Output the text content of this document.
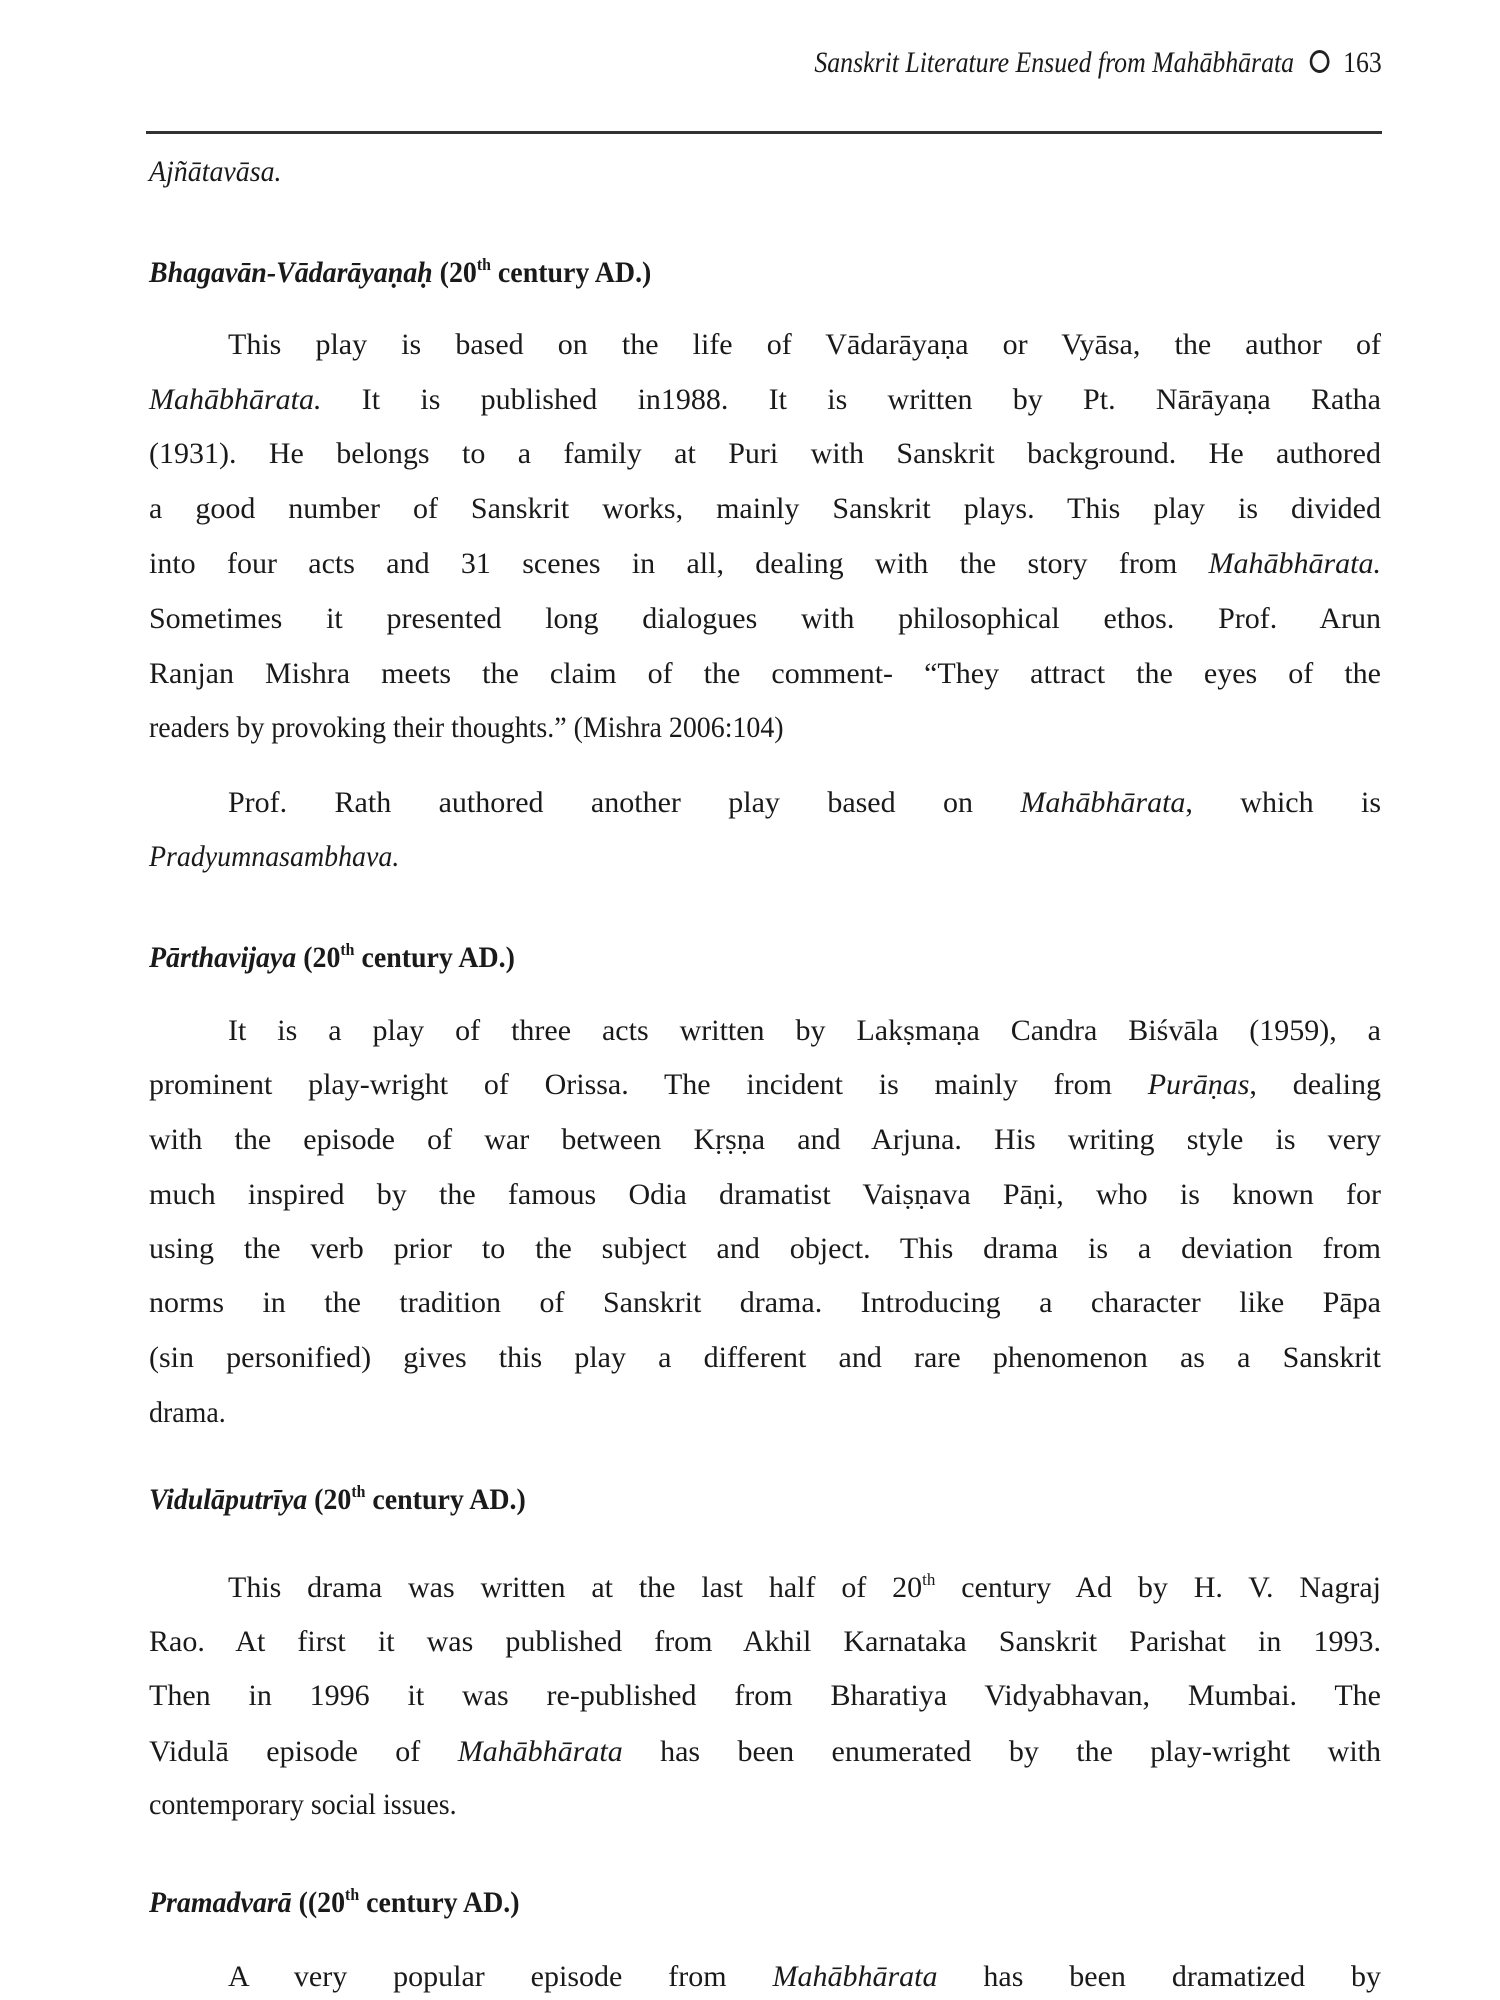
Sanskrit Literature Ensued from Mahābhārata 163
Ajñātavāsa.
Bhagavān-Vādarāyaṇaḥ (20th century AD.)
This play is based on the life of Vādarāyaṇa or Vyāsa, the author of
Mahābhārata. It is published in1988. It is written by Pt. Nārāyaṇa Ratha
(1931). He belongs to a family at Puri with Sanskrit background. He authored
a good number of Sanskrit works, mainly Sanskrit plays. This play is divided
into four acts and 31 scenes in all, dealing with the story from Mahābhārata.
Sometimes it presented long dialogues with philosophical ethos. Prof. Arun
Ranjan Mishra meets the claim of the comment- “They attract the eyes of the
readers by provoking their thoughts.” (Mishra 2006:104)
Prof. Rath authored another play based on Mahābhārata, which is
Pradyumnasambhava.
Pārthavijaya (20th century AD.)
It is a play of three acts written by Lakṣmaṇa Candra Biśvāla (1959), a
prominent play-wright of Orissa. The incident is mainly from Purāṇas, dealing
with the episode of war between Kṛṣṇa and Arjuna. His writing style is very
much inspired by the famous Odia dramatist Vaiṣṇava Pāṇi, who is known for
using the verb prior to the subject and object. This drama is a deviation from
norms in the tradition of Sanskrit drama. Introducing a character like Pāpa
(sin personified) gives this play a different and rare phenomenon as a Sanskrit
drama.
Vidulāputrīya (20th century AD.)
This drama was written at the last half of 20th century Ad by H. V. Nagraj
Rao. At first it was published from Akhil Karnataka Sanskrit Parishat in 1993.
Then in 1996 it was re-published from Bharatiya Vidyabhavan, Mumbai. The
Vidulā episode of Mahābhārata has been enumerated by the play-wright with
contemporary social issues.
Pramadvarā ((20th century AD.)
A very popular episode from Mahābhārata has been dramatized by
